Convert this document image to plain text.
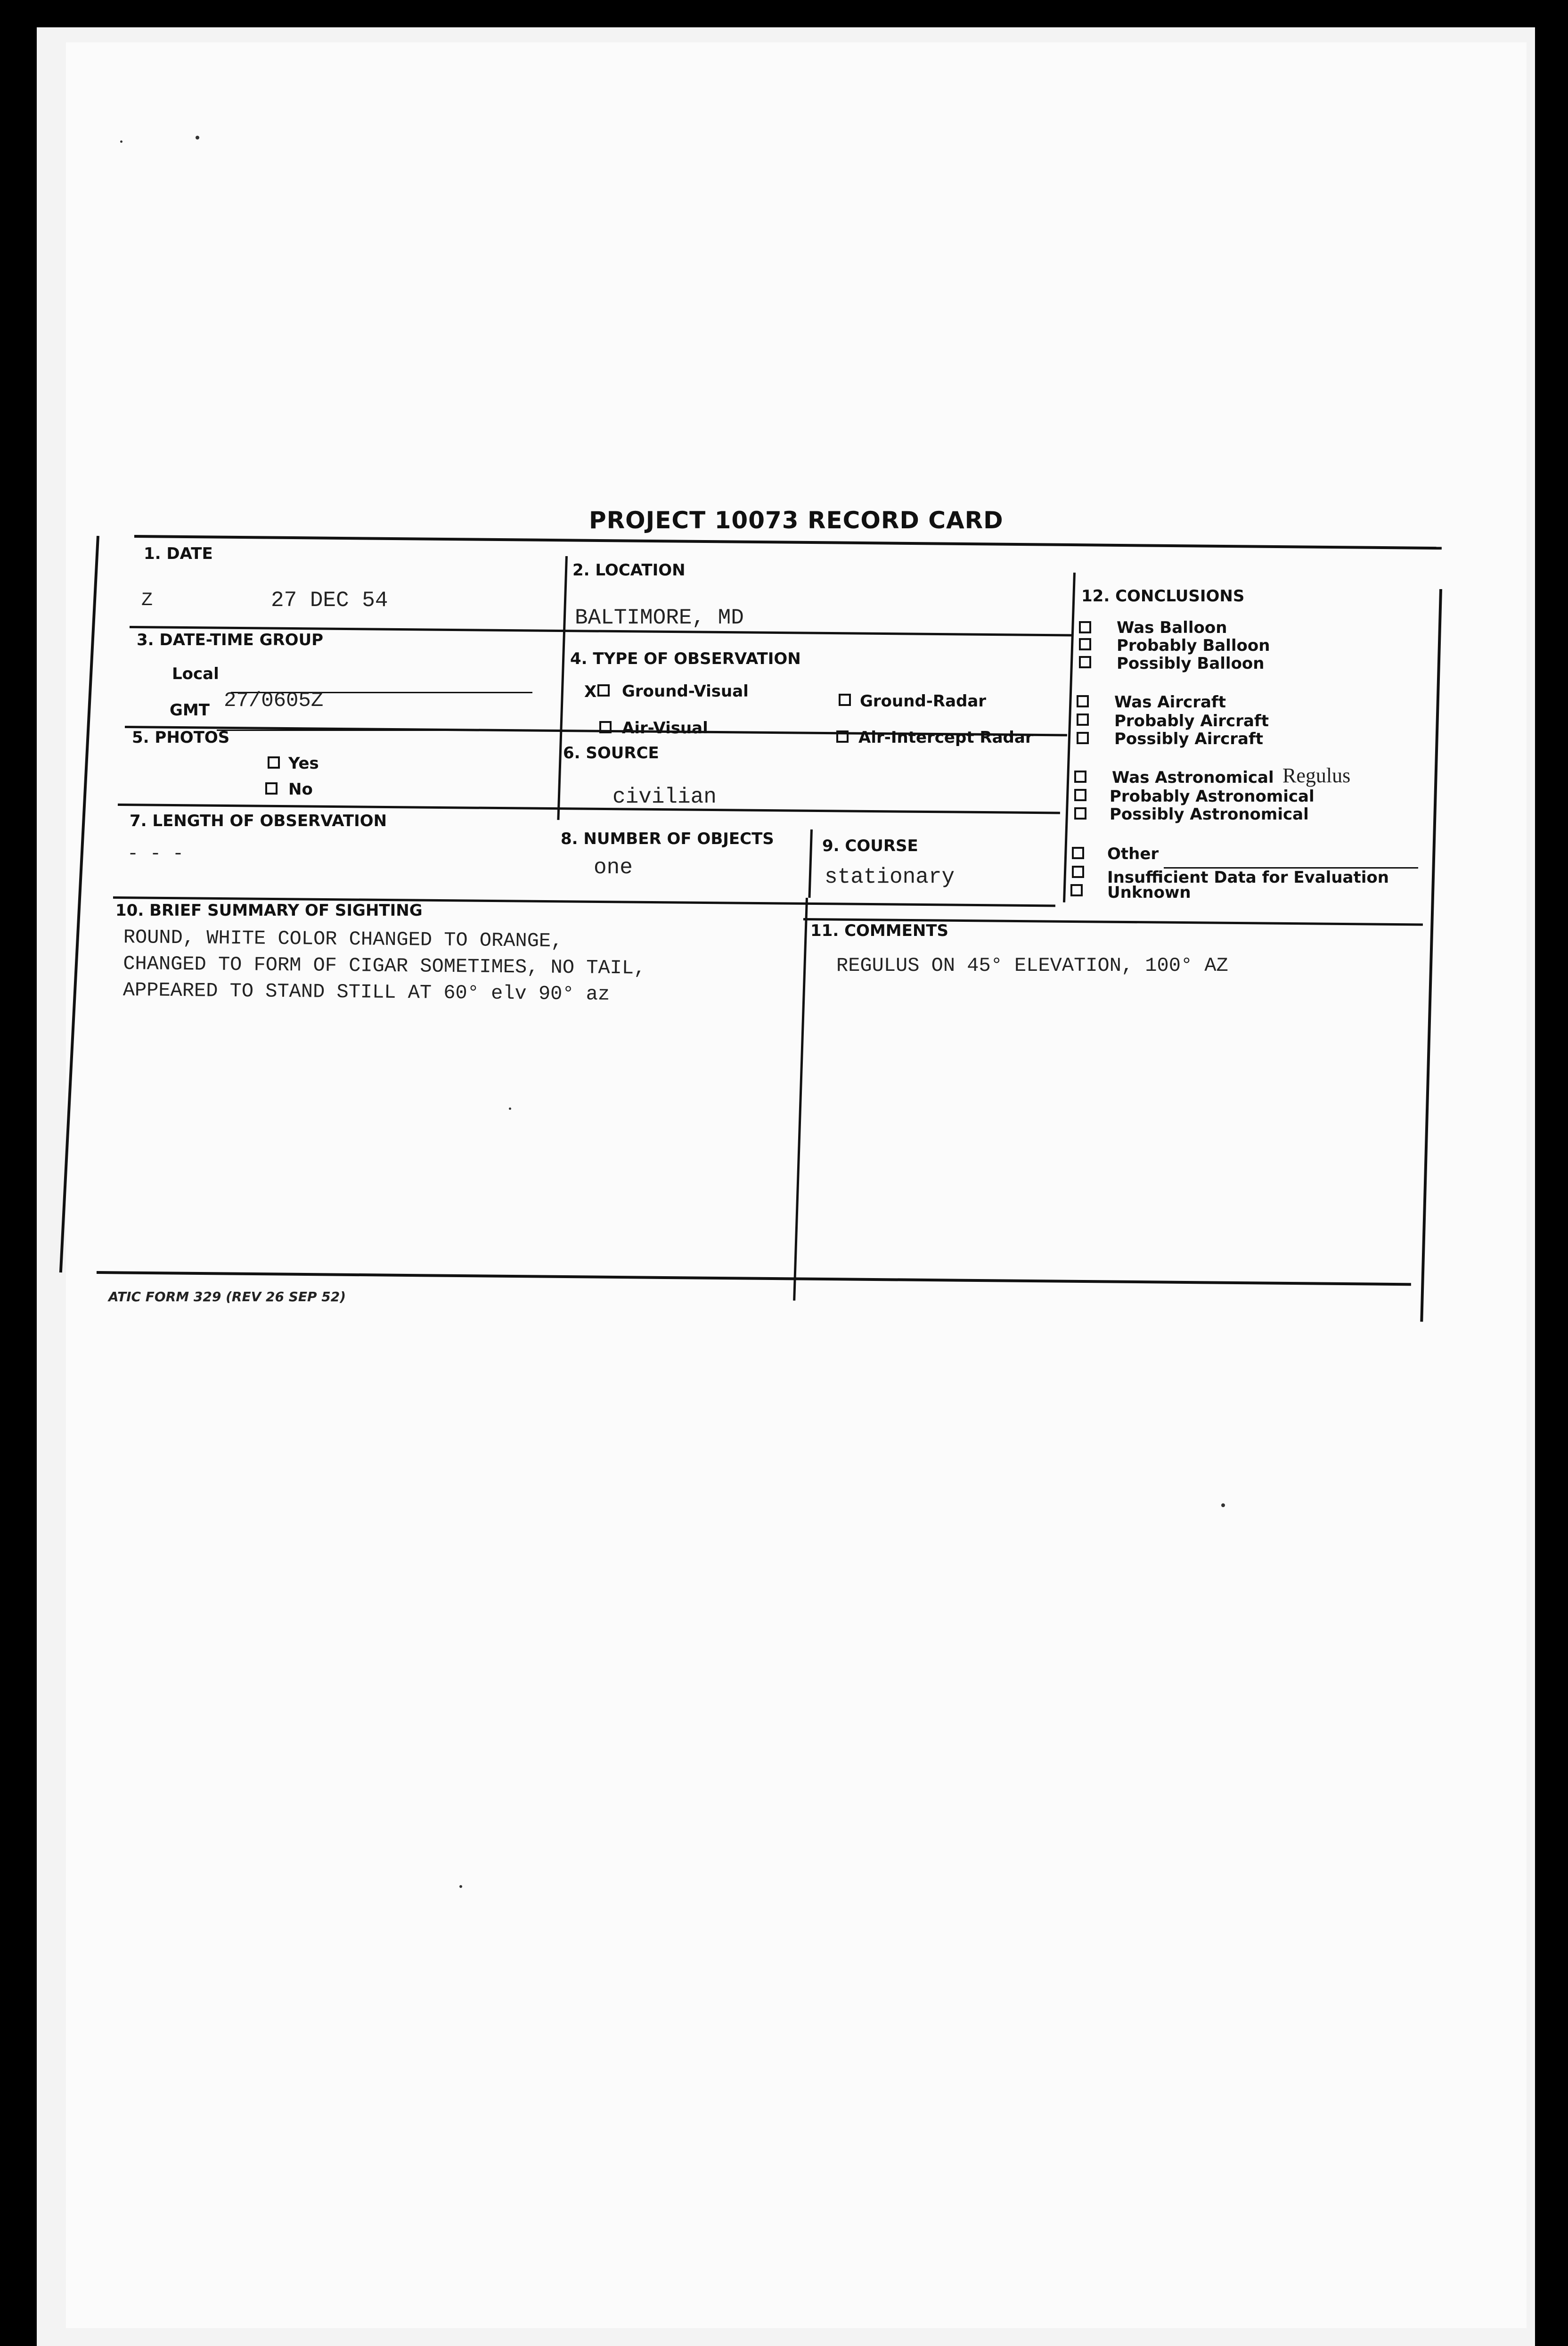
PROJECT 10073 RECORD CARD
1. DATE
Z	27 DEC 54
2. LOCATION
BALTIMORE, MD
3. DATE-TIME GROUP
Local
GMT 27/0605Z
4. TYPE OF OBSERVATION
X Ground-Visual
Ground-Radar
Air-Visual	Air-Intercept Radar
5. PHOTOS
Yes
No
6. SOURCE
civilian
7. LENGTH OF OBSERVATION
- - -
8. NUMBER OF OBJECTS
one
9. COURSE
stationary
10. BRIEF SUMMARY OF SIGHTING
ROUND, WHITE COLOR CHANGED TO ORANGE,
CHANGED TO FORM OF CIGAR SOMETIMES, NO TAIL,
APPEARED TO STAND STILL AT 60° elv 90° az
11. COMMENTS
REGULUS ON 45° ELEVATION, 100° AZ
12. CONCLUSIONS
Was Balloon
Probably Balloon
Possibly Balloon
Was Aircraft
Probably Aircraft
Possibly Aircraft
Was Astronomical Regulus
Probably Astronomical
Possibly Astronomical
Other
Insufficient Data for Evaluation
Unknown
ATIC FORM 329 (REV 26 SEP 52)
